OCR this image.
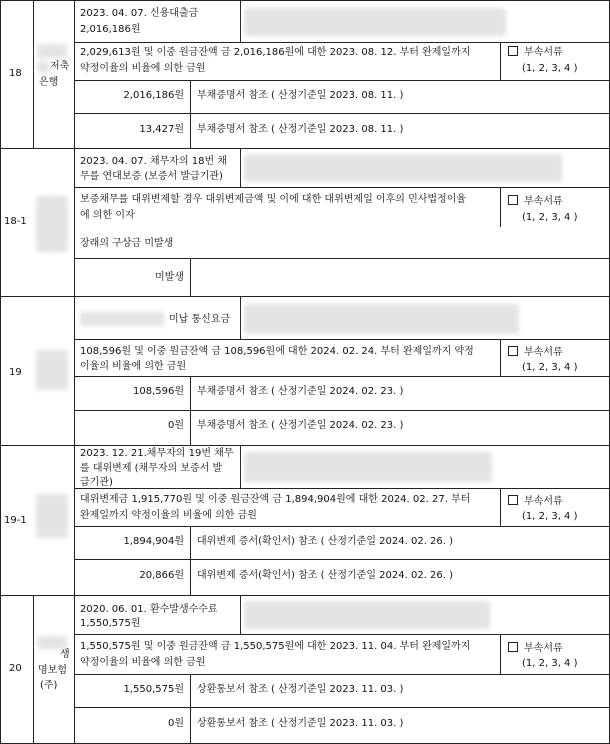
18
저축
은행
2023. 04. 07. 신용대출금
2,016,186원
2,029,613원 및 이중 원금잔액 금 2,016,186원에 대한 2023. 08. 12. 부터 완제일까지
약정이율의 비율에 의한 금원
부속서류
(1, 2, 3, 4 )
2,016,186원 부채증명서 참조 ( 산정기준일 2023. 08. 11. )
13,427원 부채증명서 참조 ( 산정기준일 2023. 08. 11. )
18-1
2023. 04. 07. 채무자의 18번 채
무를 연대보증 (보증서 발급기관)
보증채무를 대위변제할 경우 대위변제금액 및 이에 대한 대위변제일 이후의 민사법정이율
에 의한 이자
부속서류
(1, 2, 3, 4 )
장래의 구상금 미발생
미발생
19
미납 통신요금
108,596원 및 이중 원금잔액 금 108,596원에 대한 2024. 02. 24. 부터 완제일까지 약정
이율의 비율에 의한 금원
부속서류
(1, 2, 3, 4 )
108,596원 부채증명서 참조 ( 산정기준일 2024. 02. 23. )
0원 부채증명서 참조 ( 산정기준일 2024. 02. 23. )
19-1
2023. 12. 21.채무자의 19번 채무
를 대위변제 (채무자의 보증서 발
급기관)
대위변제금 1,915,770원 및 이중 원금잔액 금 1,894,904원에 대한 2024. 02. 27. 부터
완제일까지 약정이율의 비율에 의한 금원
부속서류
(1, 2, 3, 4 )
1,894,904원 대위변제 증서(확인서) 참조 ( 산정기준일 2024. 02. 26. )
20,866원 대위변제 증서(확인서) 참조 ( 산정기준일 2024. 02. 26. )
20
생
명보험
(주)
2020. 06. 01. 환수발생수수료
1,550,575원
1,550,575원 및 이중 원금잔액 금 1,550,575원에 대한 2023. 11. 04. 부터 완제일까지
약정이율의 비율에 의한 금원
부속서류
(1, 2, 3, 4 )
1,550,575원 상환통보서 참조 ( 산정기준일 2023. 11. 03. )
0원 상환통보서 참조 ( 산정기준일 2023. 11. 03. )
